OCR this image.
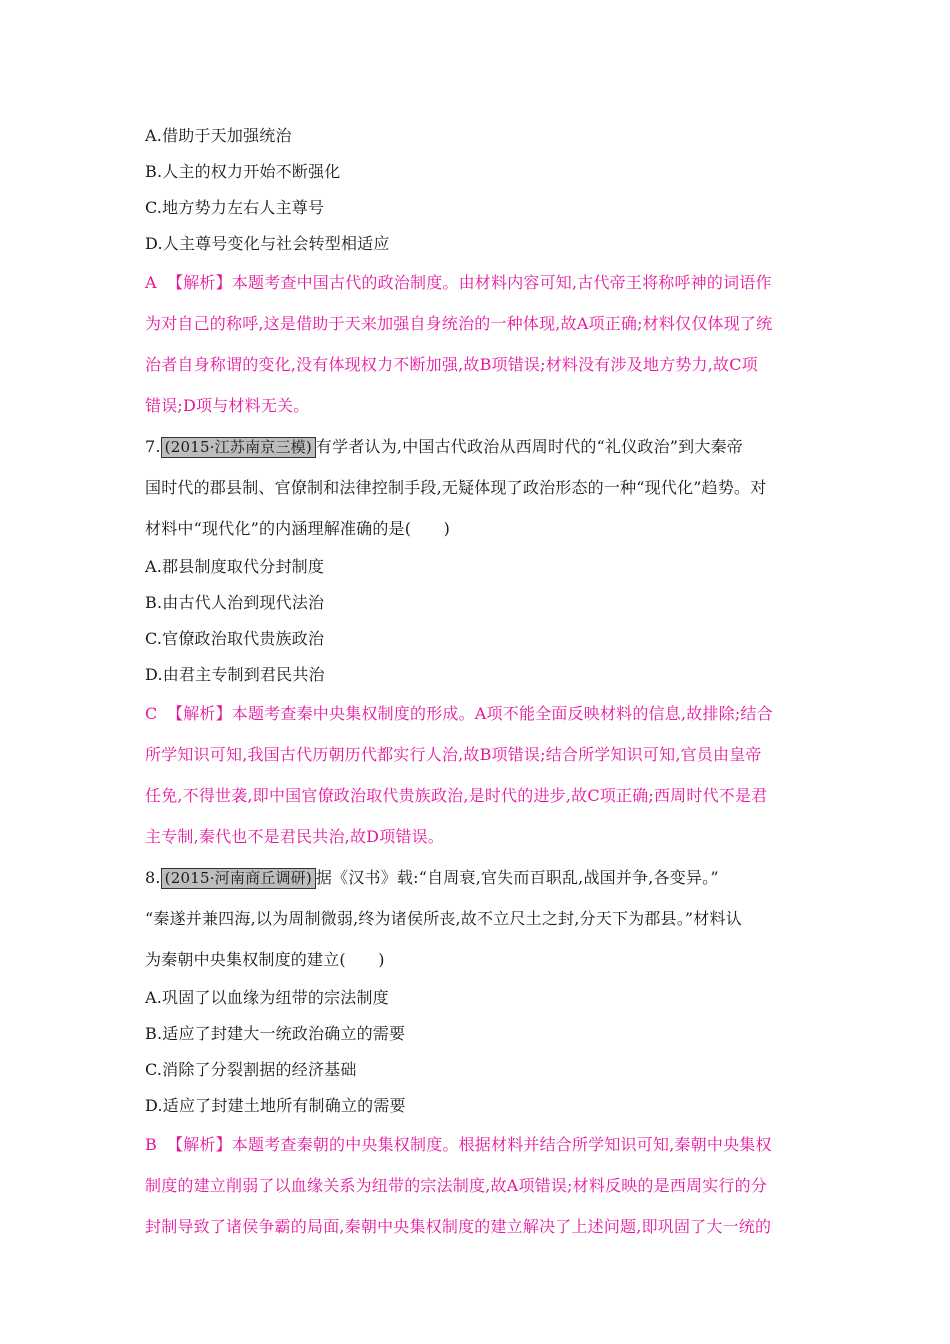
A.借助于天加强统治
B.人主的权力开始不断强化
C.地方势力左右人主尊号
D.人主尊号变化与社会转型相适应
A 【解析】本题考查中国古代的政治制度。由材料内容可知,古代帝王将称呼神的词语作
为对自己的称呼,这是借助于天来加强自身统治的一种体现,故A项正确;材料仅仅体现了统
治者自身称谓的变化,没有体现权力不断加强,故B项错误;材料没有涉及地方势力,故C项
错误;D项与材料无关。
7. (2015·江苏南京三模) 有学者认为,中国古代政治从西周时代的“礼仪政治”到大秦帝
国时代的郡县制、官僚制和法律控制手段,无疑体现了政治形态的一种“现代化”趋势。对
材料中“现代化”的内涵理解准确的是(　　)
A.郡县制度取代分封制度
B.由古代人治到现代法治
C.官僚政治取代贵族政治
D.由君主专制到君民共治
C 【解析】本题考查秦中央集权制度的形成。A项不能全面反映材料的信息,故排除;结合
所学知识可知,我国古代历朝历代都实行人治,故B项错误;结合所学知识可知,官员由皇帝
任免,不得世袭,即中国官僚政治取代贵族政治,是时代的进步,故C项正确;西周时代不是君
主专制,秦代也不是君民共治,故D项错误。
8. (2015·河南商丘调研) 据《汉书》载:“自周衰,官失而百职乱,战国并争,各变异。”
“秦遂并兼四海,以为周制微弱,终为诸侯所丧,故不立尺土之封,分天下为郡县。”材料认
为秦朝中央集权制度的建立(　　)
A.巩固了以血缘为纽带的宗法制度
B.适应了封建大一统政治确立的需要
C.消除了分裂割据的经济基础
D.适应了封建土地所有制确立的需要
B 【解析】本题考查秦朝的中央集权制度。根据材料并结合所学知识可知,秦朝中央集权
制度的建立削弱了以血缘关系为纽带的宗法制度,故A项错误;材料反映的是西周实行的分
封制导致了诸侯争霸的局面,秦朝中央集权制度的建立解决了上述问题,即巩固了大一统的
